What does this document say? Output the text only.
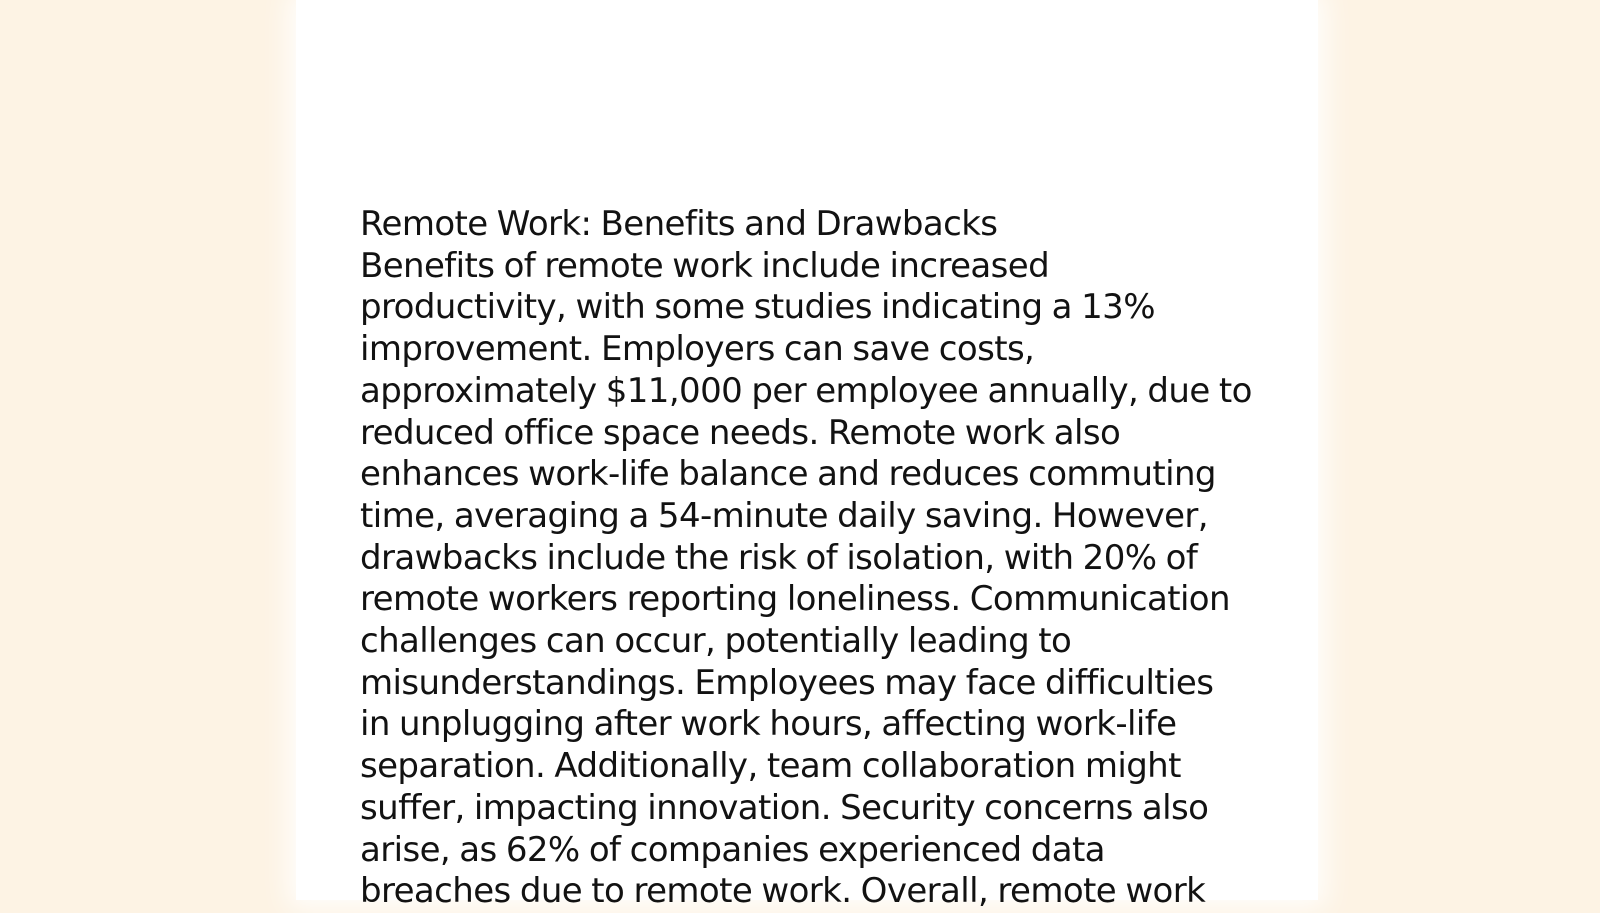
Remote Work: Benefits and Drawbacks

Benefits of remote work include increased
productivity, with some studies indicating a 13%
improvement. Employers can save costs,
approximately $11,000 per employee annually, due to
reduced office space needs. Remote work also
enhances work-life balance and reduces commuting
time, averaging a 54-minute daily saving. However,
drawbacks include the risk of isolation, with 20% of
remote workers reporting loneliness. Communication
challenges can occur, potentially leading to
misunderstandings. Employees may face difficulties
in unplugging after work hours, affecting work-life
separation. Additionally, team collaboration might
suffer, impacting innovation. Security concerns also
arise, as 62% of companies experienced data
breaches due to remote work. Overall, remote work
